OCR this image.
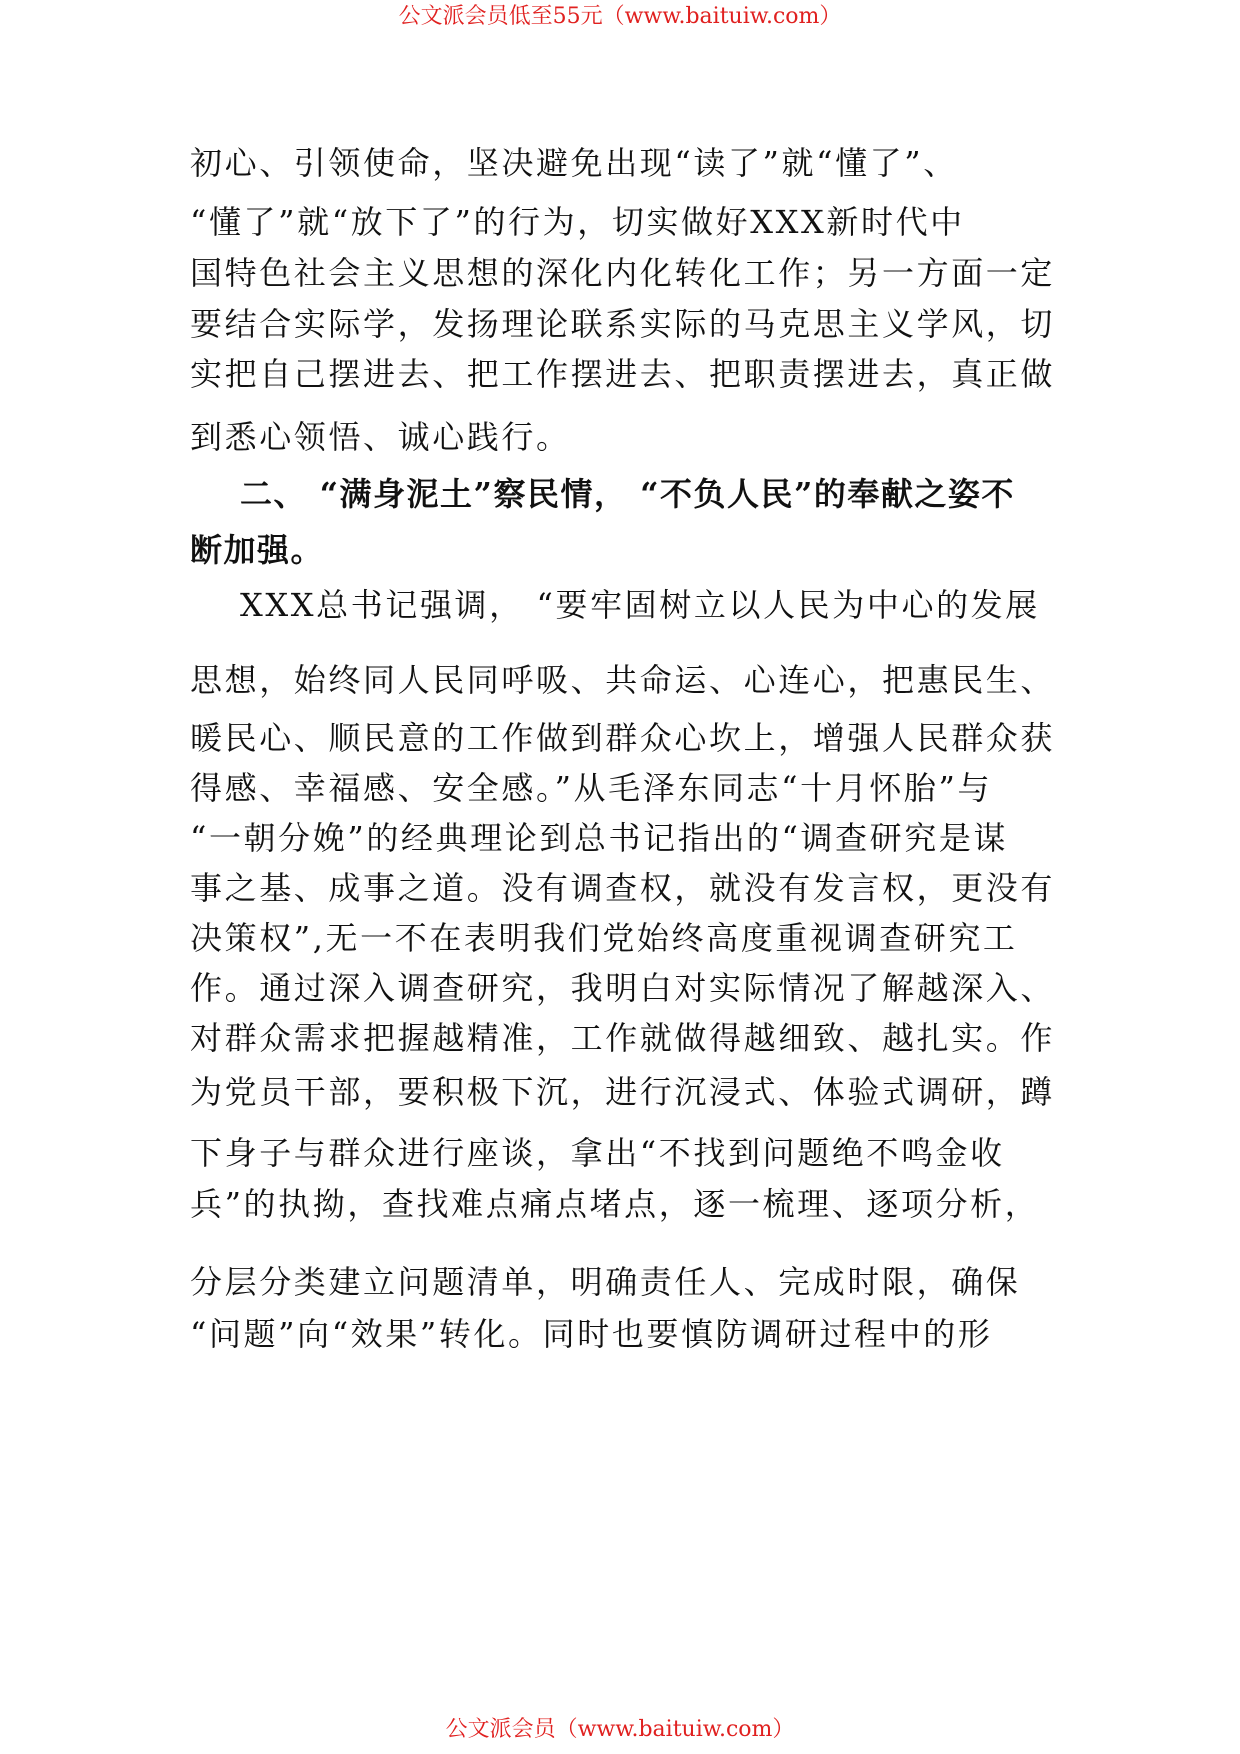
公文派会员低至55元（www.baituiw.com）
初心、引领使命，坚决避免出现“读了”就“懂了”、
“懂了”就“放下了”的行为，切实做好XXX新时代中
国特色社会主义思想的深化内化转化工作；另一方面一定
要结合实际学，发扬理论联系实际的马克思主义学风，切
实把自己摆进去、把工作摆进去、把职责摆进去，真正做
到悉心领悟、诚心践行。
二、 “满身泥土”察民情， “不负人民”的奉献之姿不
断加强。
XXX总书记强调， “要牢固树立以人民为中心的发展
思想，始终同人民同呼吸、共命运、心连心，把惠民生、
暖民心、顺民意的工作做到群众心坎上，增强人民群众获
得感、幸福感、安全感。”从毛泽东同志“十月怀胎”与
“一朝分娩”的经典理论到总书记指出的“调查研究是谋
事之基、成事之道。没有调查权，就没有发言权，更没有
决策权”,无一不在表明我们党始终高度重视调查研究工
作。通过深入调查研究，我明白对实际情况了解越深入、
对群众需求把握越精准，工作就做得越细致、越扎实。作
为党员干部，要积极下沉，进行沉浸式、体验式调研，蹲
下身子与群众进行座谈，拿出“不找到问题绝不鸣金收
兵”的执拗，查找难点痛点堵点，逐一梳理、逐项分析，
分层分类建立问题清单，明确责任人、完成时限，确保
“问题”向“效果”转化。同时也要慎防调研过程中的形
公文派会员（www.baituiw.com）
